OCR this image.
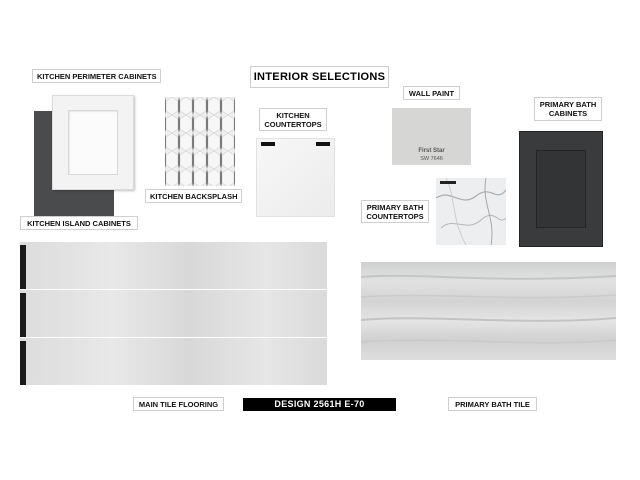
INTERIOR SELECTIONS
KITCHEN PERIMETER CABINETS
KITCHEN ISLAND CABINETS
KITCHEN BACKSPLASH
KITCHEN COUNTERTOPS
WALL PAINT
First Star
SW 7646
PRIMARY BATH COUNTERTOPS
PRIMARY BATH CABINETS
MAIN TILE FLOORING	DESIGN 2561H E-70	PRIMARY BATH TILE
